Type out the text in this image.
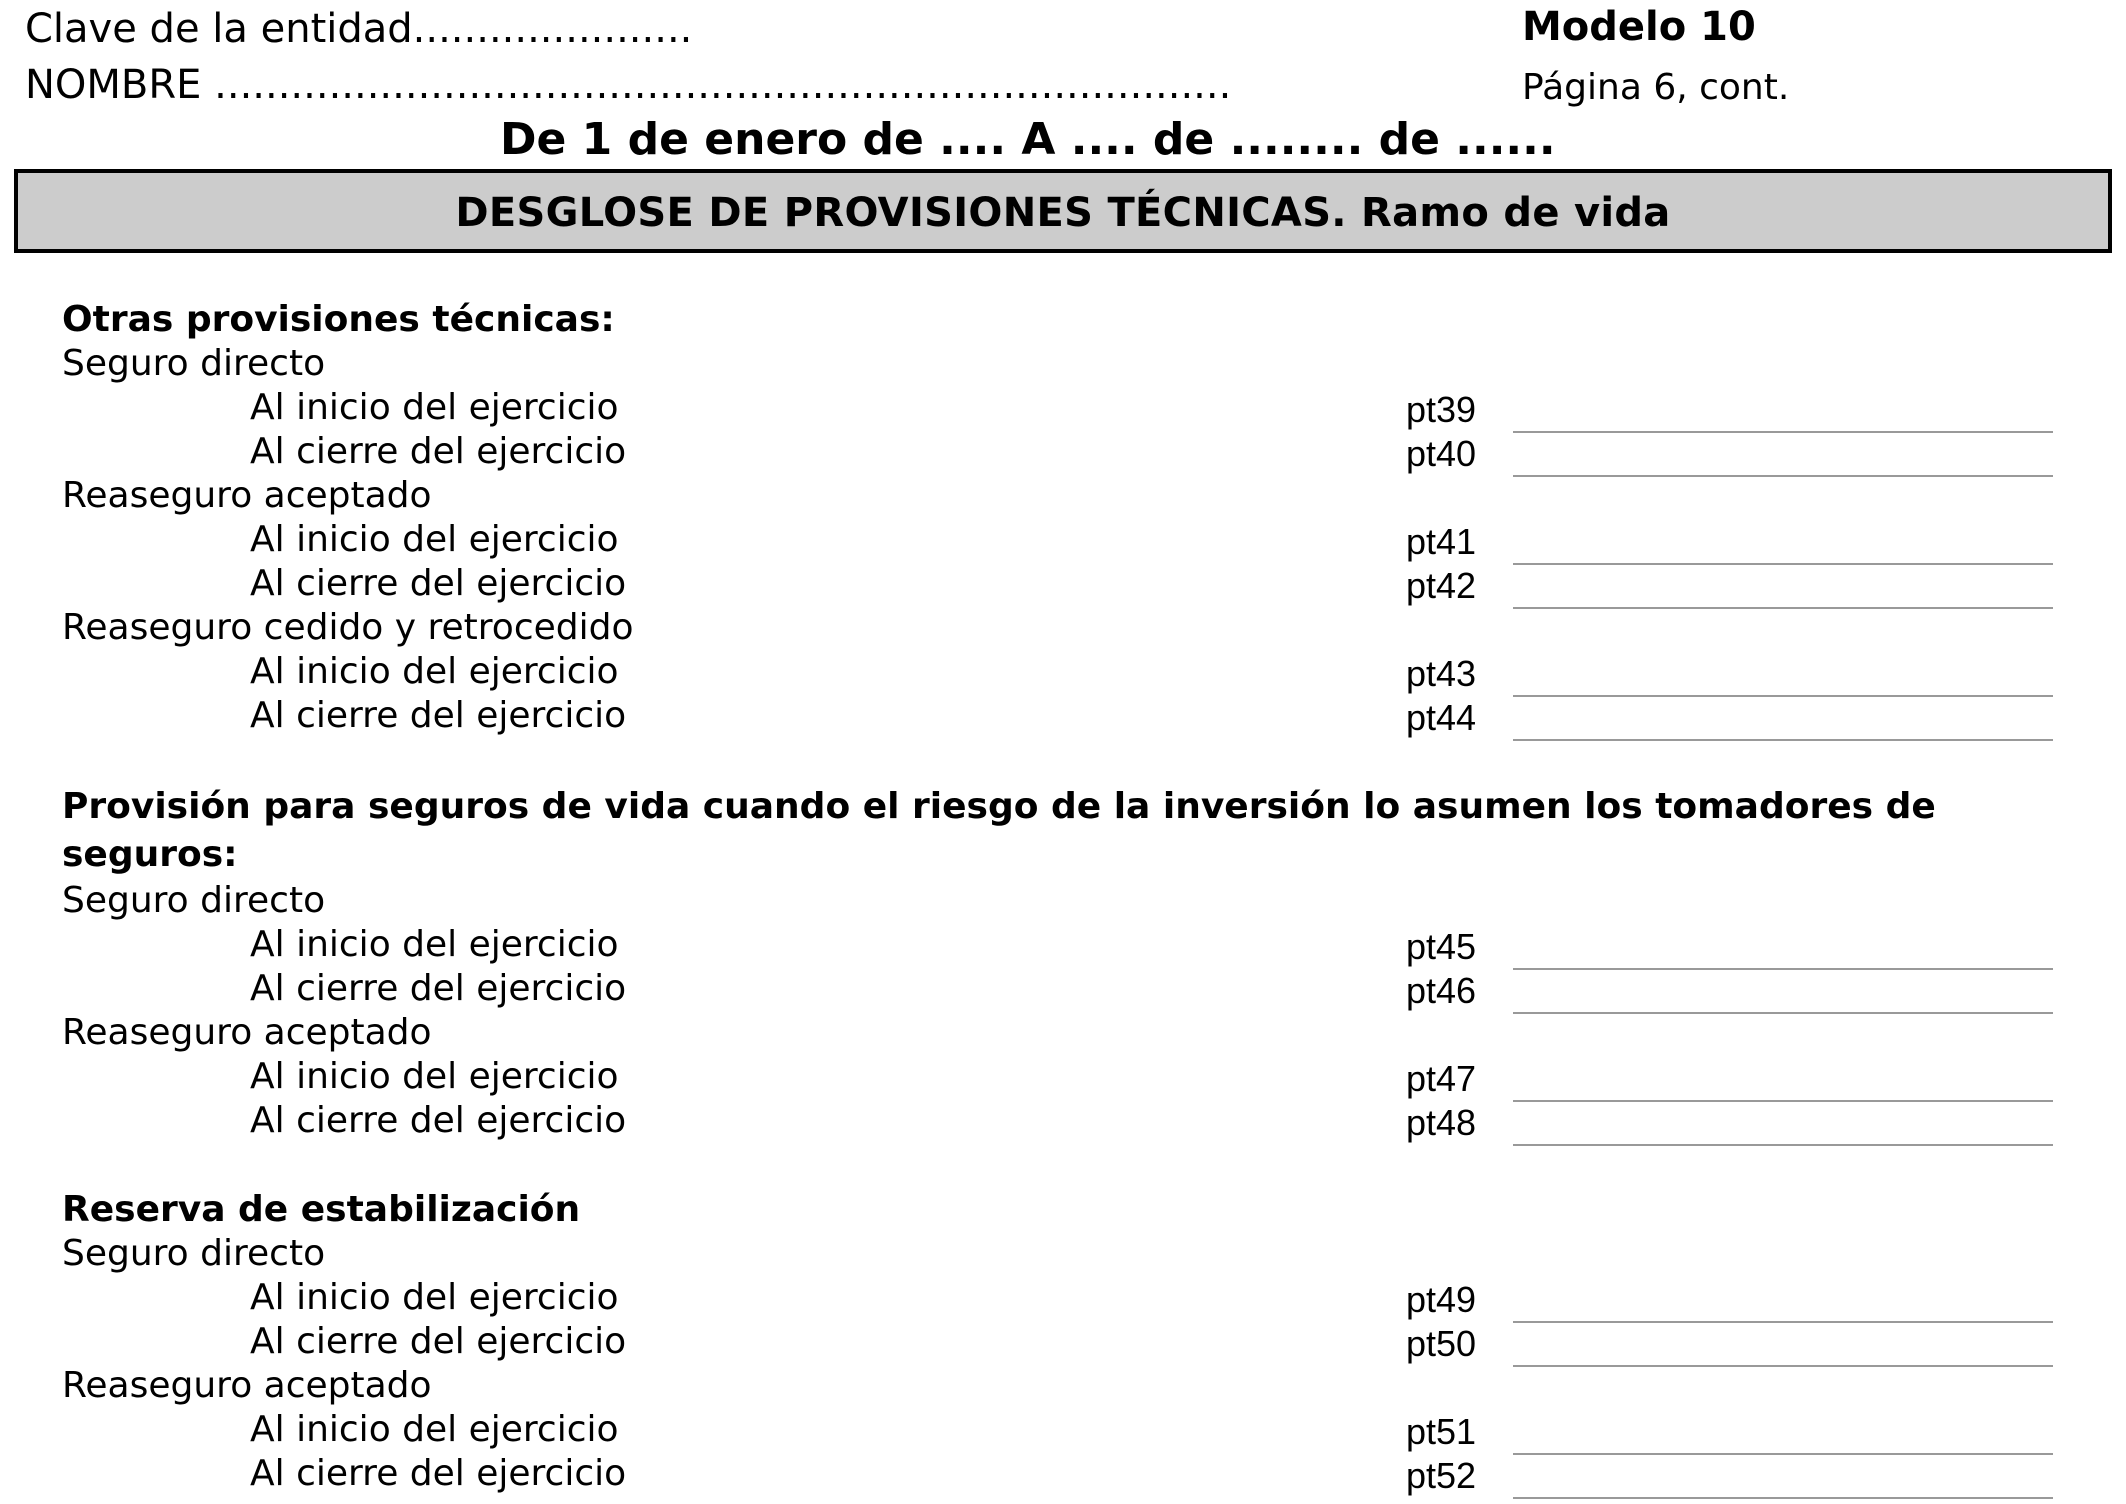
Clave de la entidad......................	Modelo 10
NOMBRE ................................................................................	Página 6, cont.
De 1 de enero de .... A .... de ........ de ......
DESGLOSE DE PROVISIONES TÉCNICAS. Ramo de vida
Otras provisiones técnicas:
Seguro directo
Al inicio del ejercicio	pt39
Al cierre del ejercicio	pt40
Reaseguro aceptado
Al inicio del ejercicio	pt41
Al cierre del ejercicio	pt42
Reaseguro cedido y retrocedido
Al inicio del ejercicio	pt43
Al cierre del ejercicio	pt44
Provisión para seguros de vida cuando el riesgo de la inversión lo asumen los tomadores de seguros:
Seguro directo
Al inicio del ejercicio	pt45
Al cierre del ejercicio	pt46
Reaseguro aceptado
Al inicio del ejercicio	pt47
Al cierre del ejercicio	pt48
Reserva de estabilización
Seguro directo
Al inicio del ejercicio	pt49
Al cierre del ejercicio	pt50
Reaseguro aceptado
Al inicio del ejercicio	pt51
Al cierre del ejercicio	pt52
